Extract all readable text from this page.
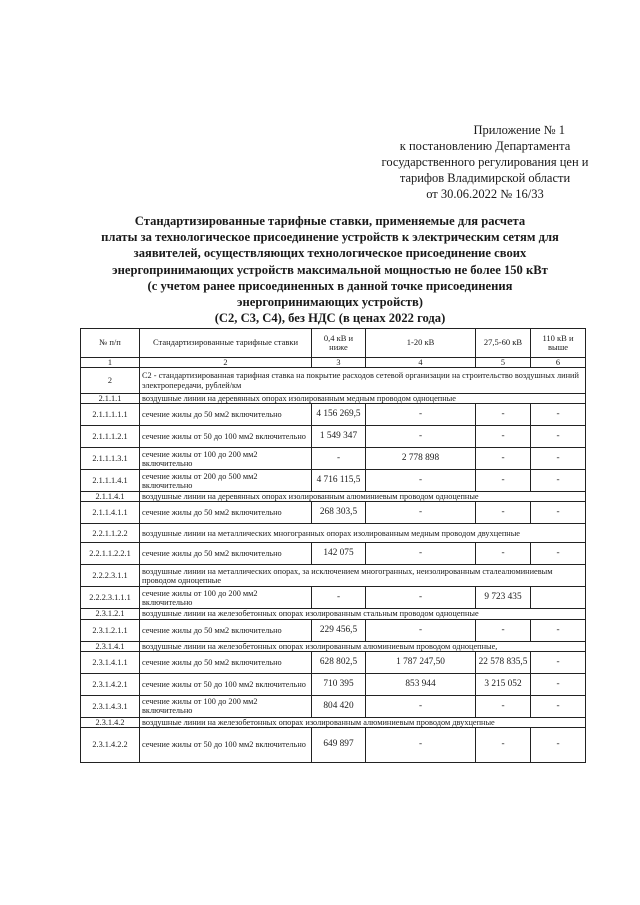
Приложение № 1
к постановлению Департамента
государственного регулирования цен и
тарифов Владимирской области
от 30.06.2022 № 16/33
Стандартизированные тарифные ставки, применяемые для расчета
платы за технологическое присоединение устройств к электрическим сетям для
заявителей, осуществляющих технологическое присоединение своих
энергопринимающих устройств максимальной мощностью не более 150 кВт
(с учетом ранее присоединенных в данной точке присоединения
энергопринимающих устройств)
(С2, С3, С4), без НДС (в ценах 2022 года)
№ п/п	Стандартизированные тарифные ставки	0,4 кВ и ниже	1-20 кВ	27,5-60 кВ	110 кВ и выше
1	2	3	4	5	6
2	С2 - стандартизированная тарифная ставка на покрытие расходов сетевой организации на строительство воздушных линий электропередачи, рублей/км				
2.1.1.1	воздушные линии на деревянных опорах изолированным медным проводом одноцепные				
2.1.1.1.1.1	сечение жилы до 50 мм2 включительно	4 156 269,5	-	-	-
2.1.1.1.2.1	сечение жилы от 50 до 100 мм2 включительно	1 549 347	-	-	-
2.1.1.1.3.1	сечение жилы от 100 до 200 мм2 включительно	-	2 778 898	-	-
2.1.1.1.4.1	сечение жилы от 200 до 500 мм2 включительно	4 716 115,5	-	-	-
2.1.1.4.1	воздушные линии на деревянных опорах изолированным алюминиевым проводом одноцепные				
2.1.1.4.1.1	сечение жилы до 50 мм2 включительно	268 303,5	-	-	-
2.2.1.1.2.2	воздушные линии на металлических многогранных опорах изолированным медным проводом двухцепные				
2.2.1.1.2.2.1	сечение жилы до 50 мм2 включительно	142 075	-	-	-
2.2.2.3.1.1	воздушные линии на металлических опорах, за исключением многогранных, неизолированным сталеалюминиевым проводом одноцепные				
2.2.2.3.1.1.1	сечение жилы от 100 до 200 мм2 включительно	-	-	9 723 435	
2.3.1.2.1	воздушные линии на железобетонных опорах изолированным стальным проводом одноцепные				
2.3.1.2.1.1	сечение жилы до 50 мм2 включительно	229 456,5	-	-	-
2.3.1.4.1	воздушные линии на железобетонных опорах изолированным алюминиевым проводом одноцепные,				
2.3.1.4.1.1	сечение жилы до 50 мм2 включительно	628 802,5	1 787 247,50	22 578 835,5	-
2.3.1.4.2.1	сечение жилы от 50 до 100 мм2 включительно	710 395	853 944	3 215 052	-
2.3.1.4.3.1	сечение жилы от 100 до 200 мм2 включительно	804 420	-	-	-
2.3.1.4.2	воздушные линии на железобетонных опорах изолированным алюминиевым проводом двухцепные				
2.3.1.4.2.2	сечение жилы от 50 до 100 мм2 включительно	649 897	-	-	-
